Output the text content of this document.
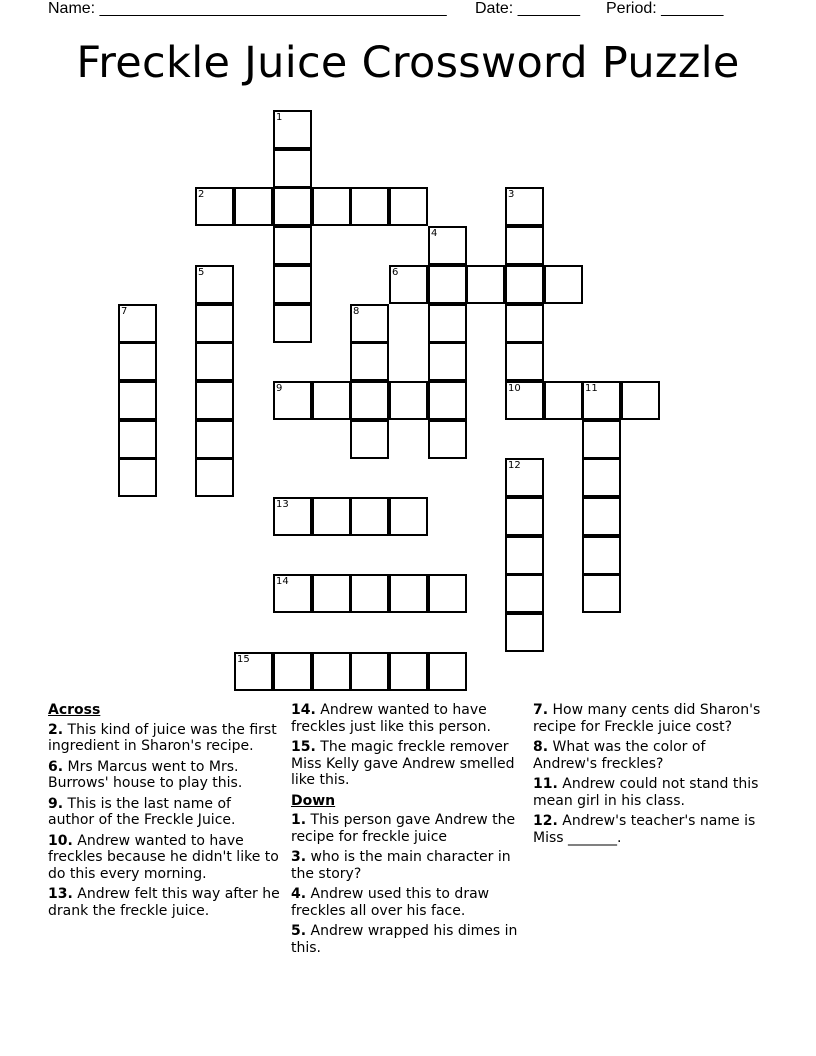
Name: _______________________________________ Date: _______ Period: _______
Freckle Juice Crossword Puzzle
1
2	3
10
4
5	6
7	8
9	11
12
13
14
15
Across
2. This kind of juice was the first ingredient in Sharon's recipe.
6. Mrs Marcus went to Mrs. Burrows' house to play this.
9. This is the last name of author of the Freckle Juice.
10. Andrew wanted to have freckles because he didn't like to do this every morning.
13. Andrew felt this way after he drank the freckle juice.
14. Andrew wanted to have freckles just like this person.
15. The magic freckle remover Miss Kelly gave Andrew smelled like this.
Down
1. This person gave Andrew the recipe for freckle juice
3. who is the main character in the story?
4. Andrew used this to draw freckles all over his face.
5. Andrew wrapped his dimes in this.
7. How many cents did Sharon's recipe for Freckle juice cost?
8. What was the color of Andrew's freckles?
11. Andrew could not stand this mean girl in his class.
12. Andrew's teacher's name is Miss _______.
